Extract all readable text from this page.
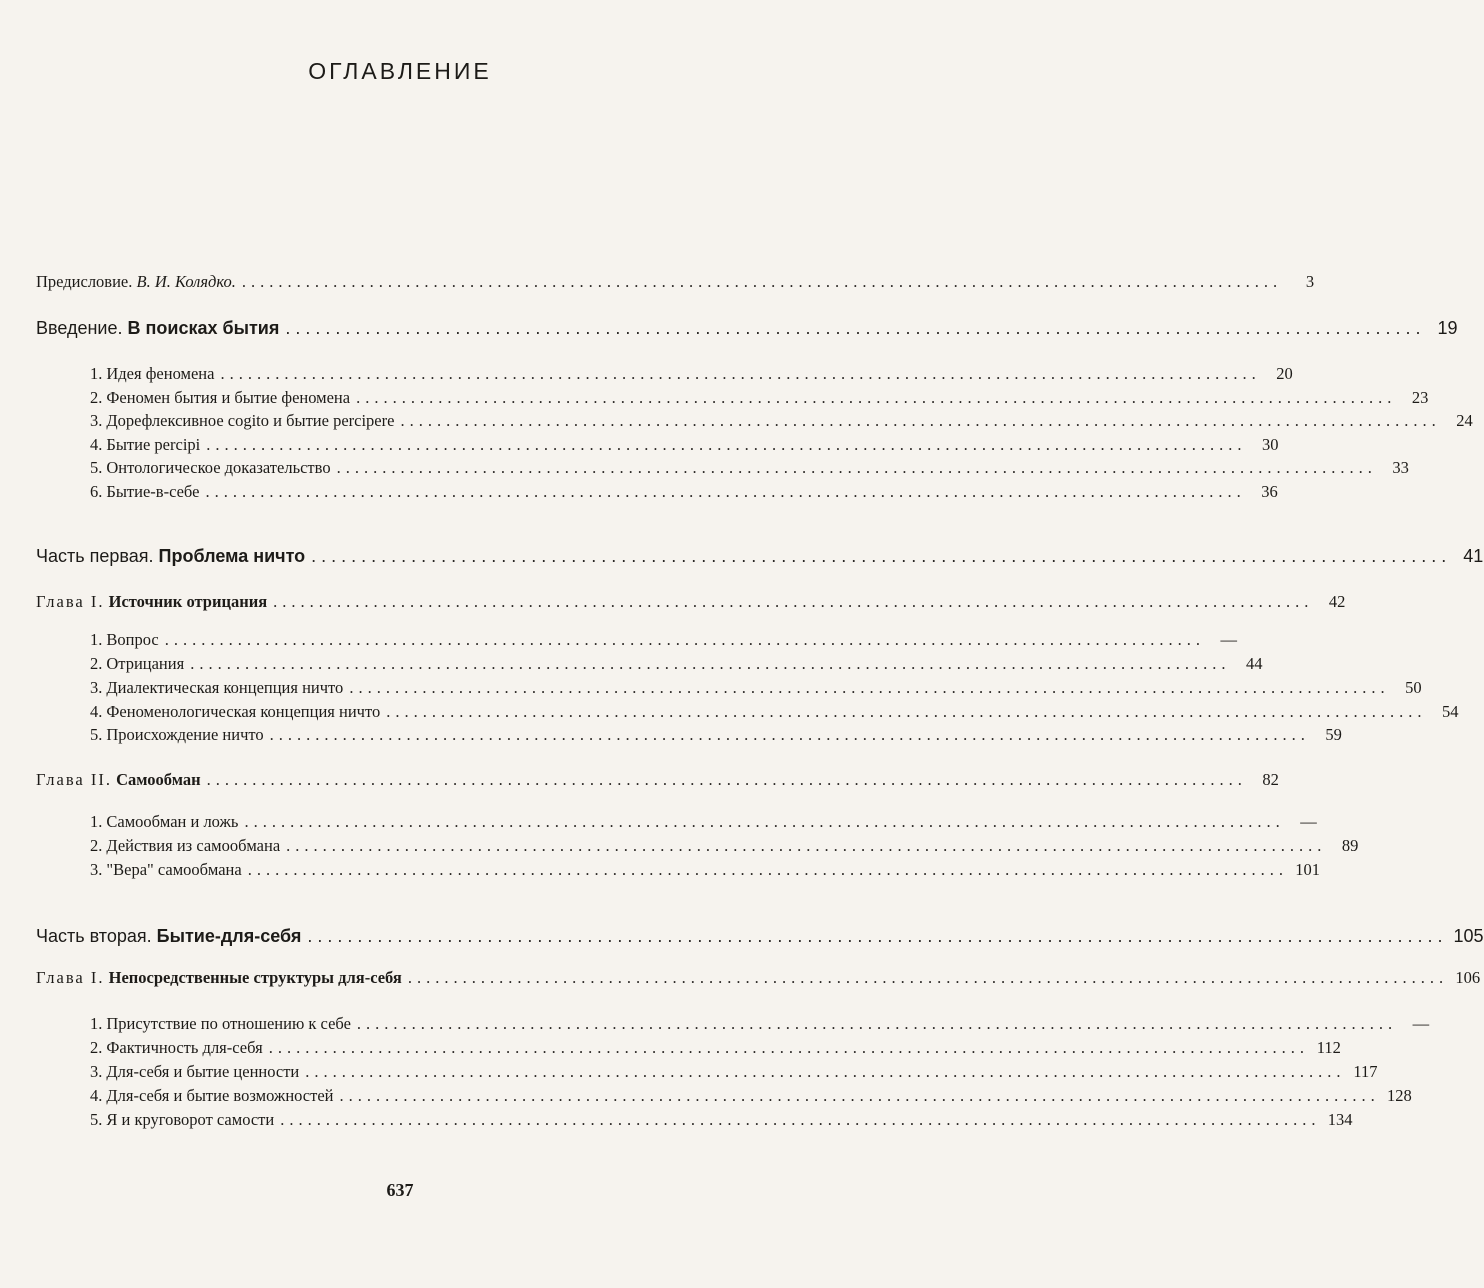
ОГЛАВЛЕНИЕ
Предисловие. В. И. Колядко. ..................................................................................................................	3
Введение. В поисках бытия .................................................................................................................. 19
1. Идея феномена .................................................................................................................. 20
2. Феномен бытия и бытие феномена .................................................................................................................. 23
3. Дорефлексивное cogito и бытие percipere .................................................................................................................. 24
4. Бытие percipi .................................................................................................................. 30
5. Онтологическое доказательство .................................................................................................................. 33
6. Бытие-в-себе .................................................................................................................. 36
Часть первая. Проблема ничто .................................................................................................................. 41
Глава I. Источник отрицания .................................................................................................................. 42
1. Вопрос .................................................................................................................. —
2. Отрицания .................................................................................................................. 44
3. Диалектическая концепция ничто .................................................................................................................. 50
4. Феноменологическая концепция ничто .................................................................................................................. 54
5. Происхождение ничто .................................................................................................................. 59
Глава II. Самообман .................................................................................................................. 82
1. Самообман и ложь .................................................................................................................. —
2. Действия из самообмана .................................................................................................................. 89
3. "Вера" самообмана .................................................................................................................. 101
Часть вторая. Бытие-для-себя .................................................................................................................. 105
Глава I. Непосредственные структуры для-себя .................................................................................................................. 106
1. Присутствие по отношению к себе .................................................................................................................. —
2. Фактичность для-себя .................................................................................................................. 112
3. Для-себя и бытие ценности .................................................................................................................. 117
4. Для-себя и бытие возможностей .................................................................................................................. 128
5. Я и круговорот самости .................................................................................................................. 134
637
